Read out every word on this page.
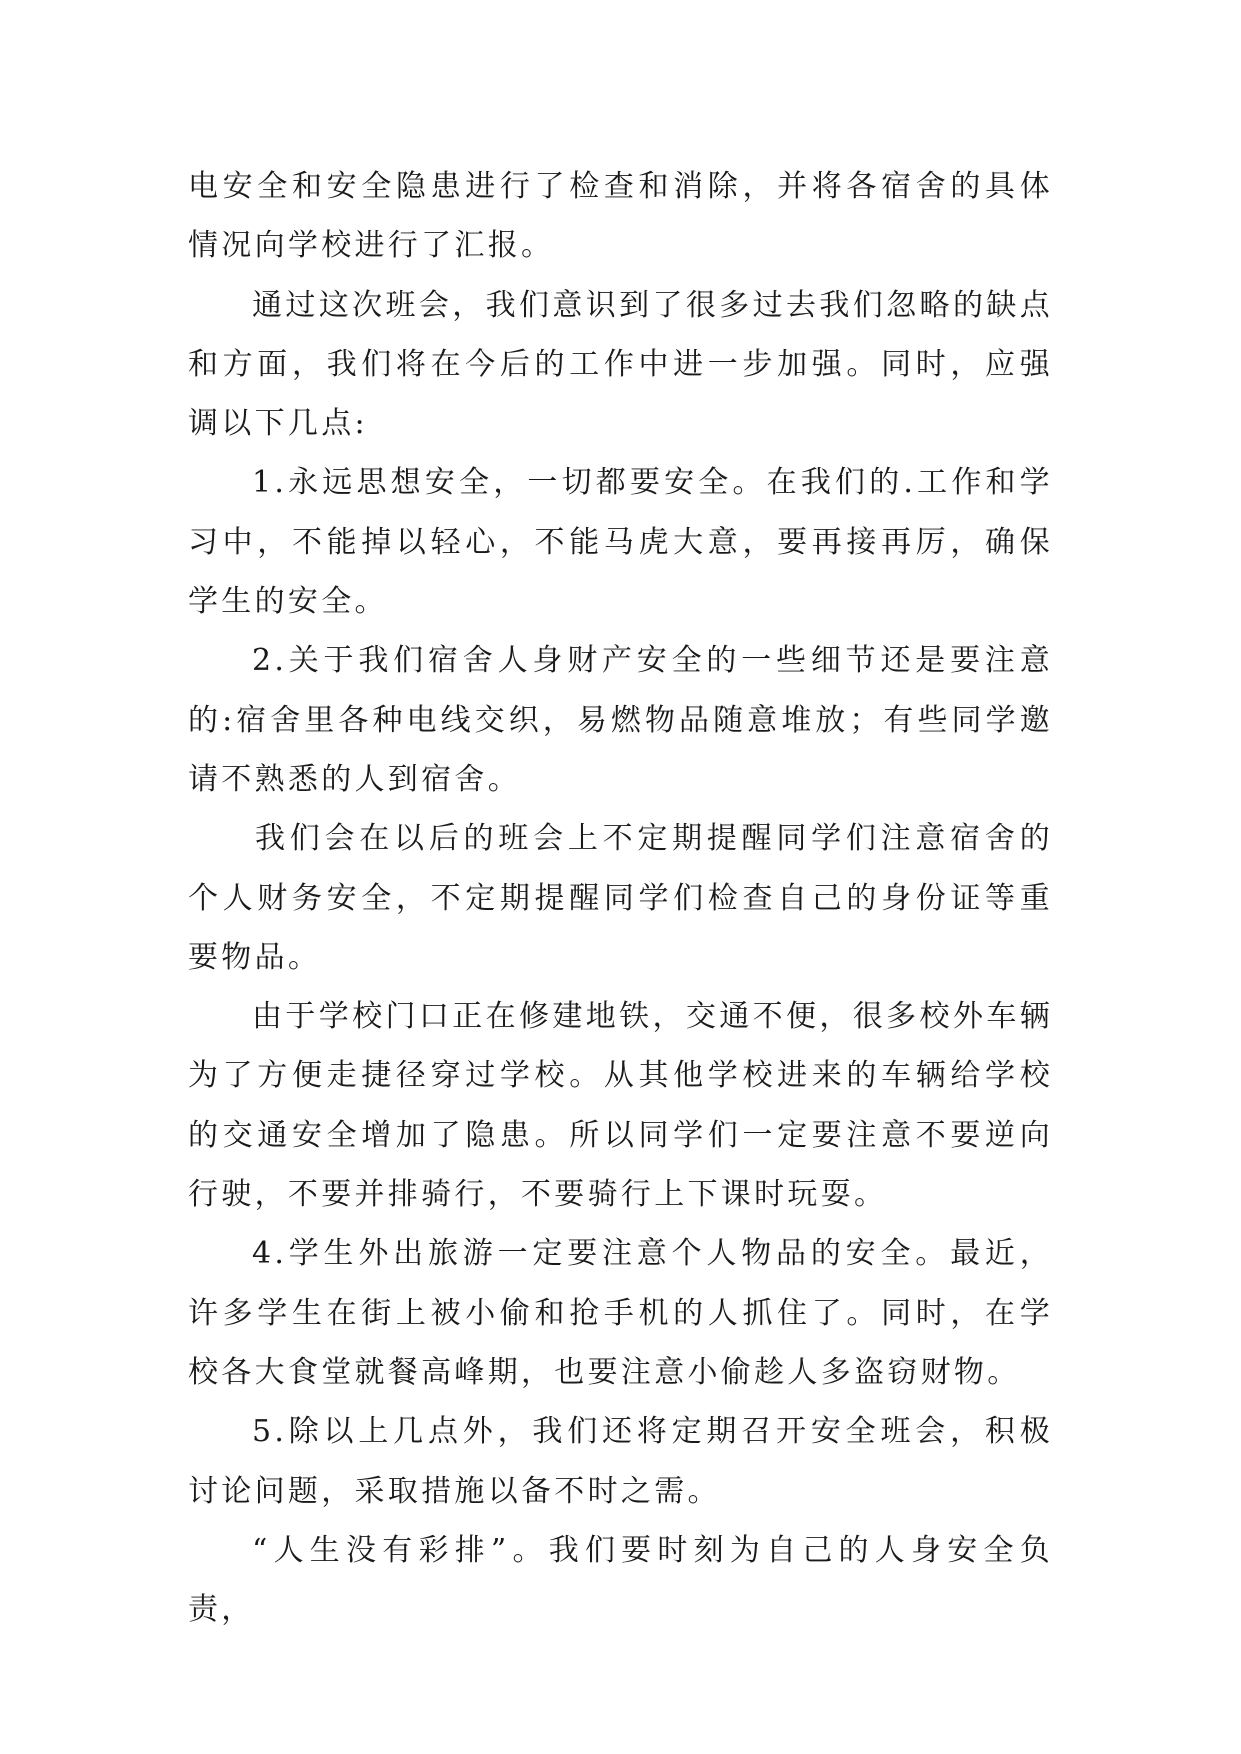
电安全和安全隐患进行了检查和消除，并将各宿舍的具体情况向学校进行了汇报。

通过这次班会，我们意识到了很多过去我们忽略的缺点和方面，我们将在今后的工作中进一步加强。同时，应强调以下几点:

1.永远思想安全，一切都要安全。在我们的.工作和学习中，不能掉以轻心，不能马虎大意，要再接再厉，确保学生的安全。

2.关于我们宿舍人身财产安全的一些细节还是要注意的:宿舍里各种电线交织，易燃物品随意堆放；有些同学邀请不熟悉的人到宿舍。

我们会在以后的班会上不定期提醒同学们注意宿舍的个人财务安全，不定期提醒同学们检查自己的身份证等重要物品。

由于学校门口正在修建地铁，交通不便，很多校外车辆为了方便走捷径穿过学校。从其他学校进来的车辆给学校的交通安全增加了隐患。所以同学们一定要注意不要逆向行驶，不要并排骑行，不要骑行上下课时玩耍。

4.学生外出旅游一定要注意个人物品的安全。最近，许多学生在街上被小偷和抢手机的人抓住了。同时，在学校各大食堂就餐高峰期，也要注意小偷趁人多盗窃财物。

5.除以上几点外，我们还将定期召开安全班会，积极讨论问题，采取措施以备不时之需。

“人生没有彩排”。我们要时刻为自己的人身安全负责，
